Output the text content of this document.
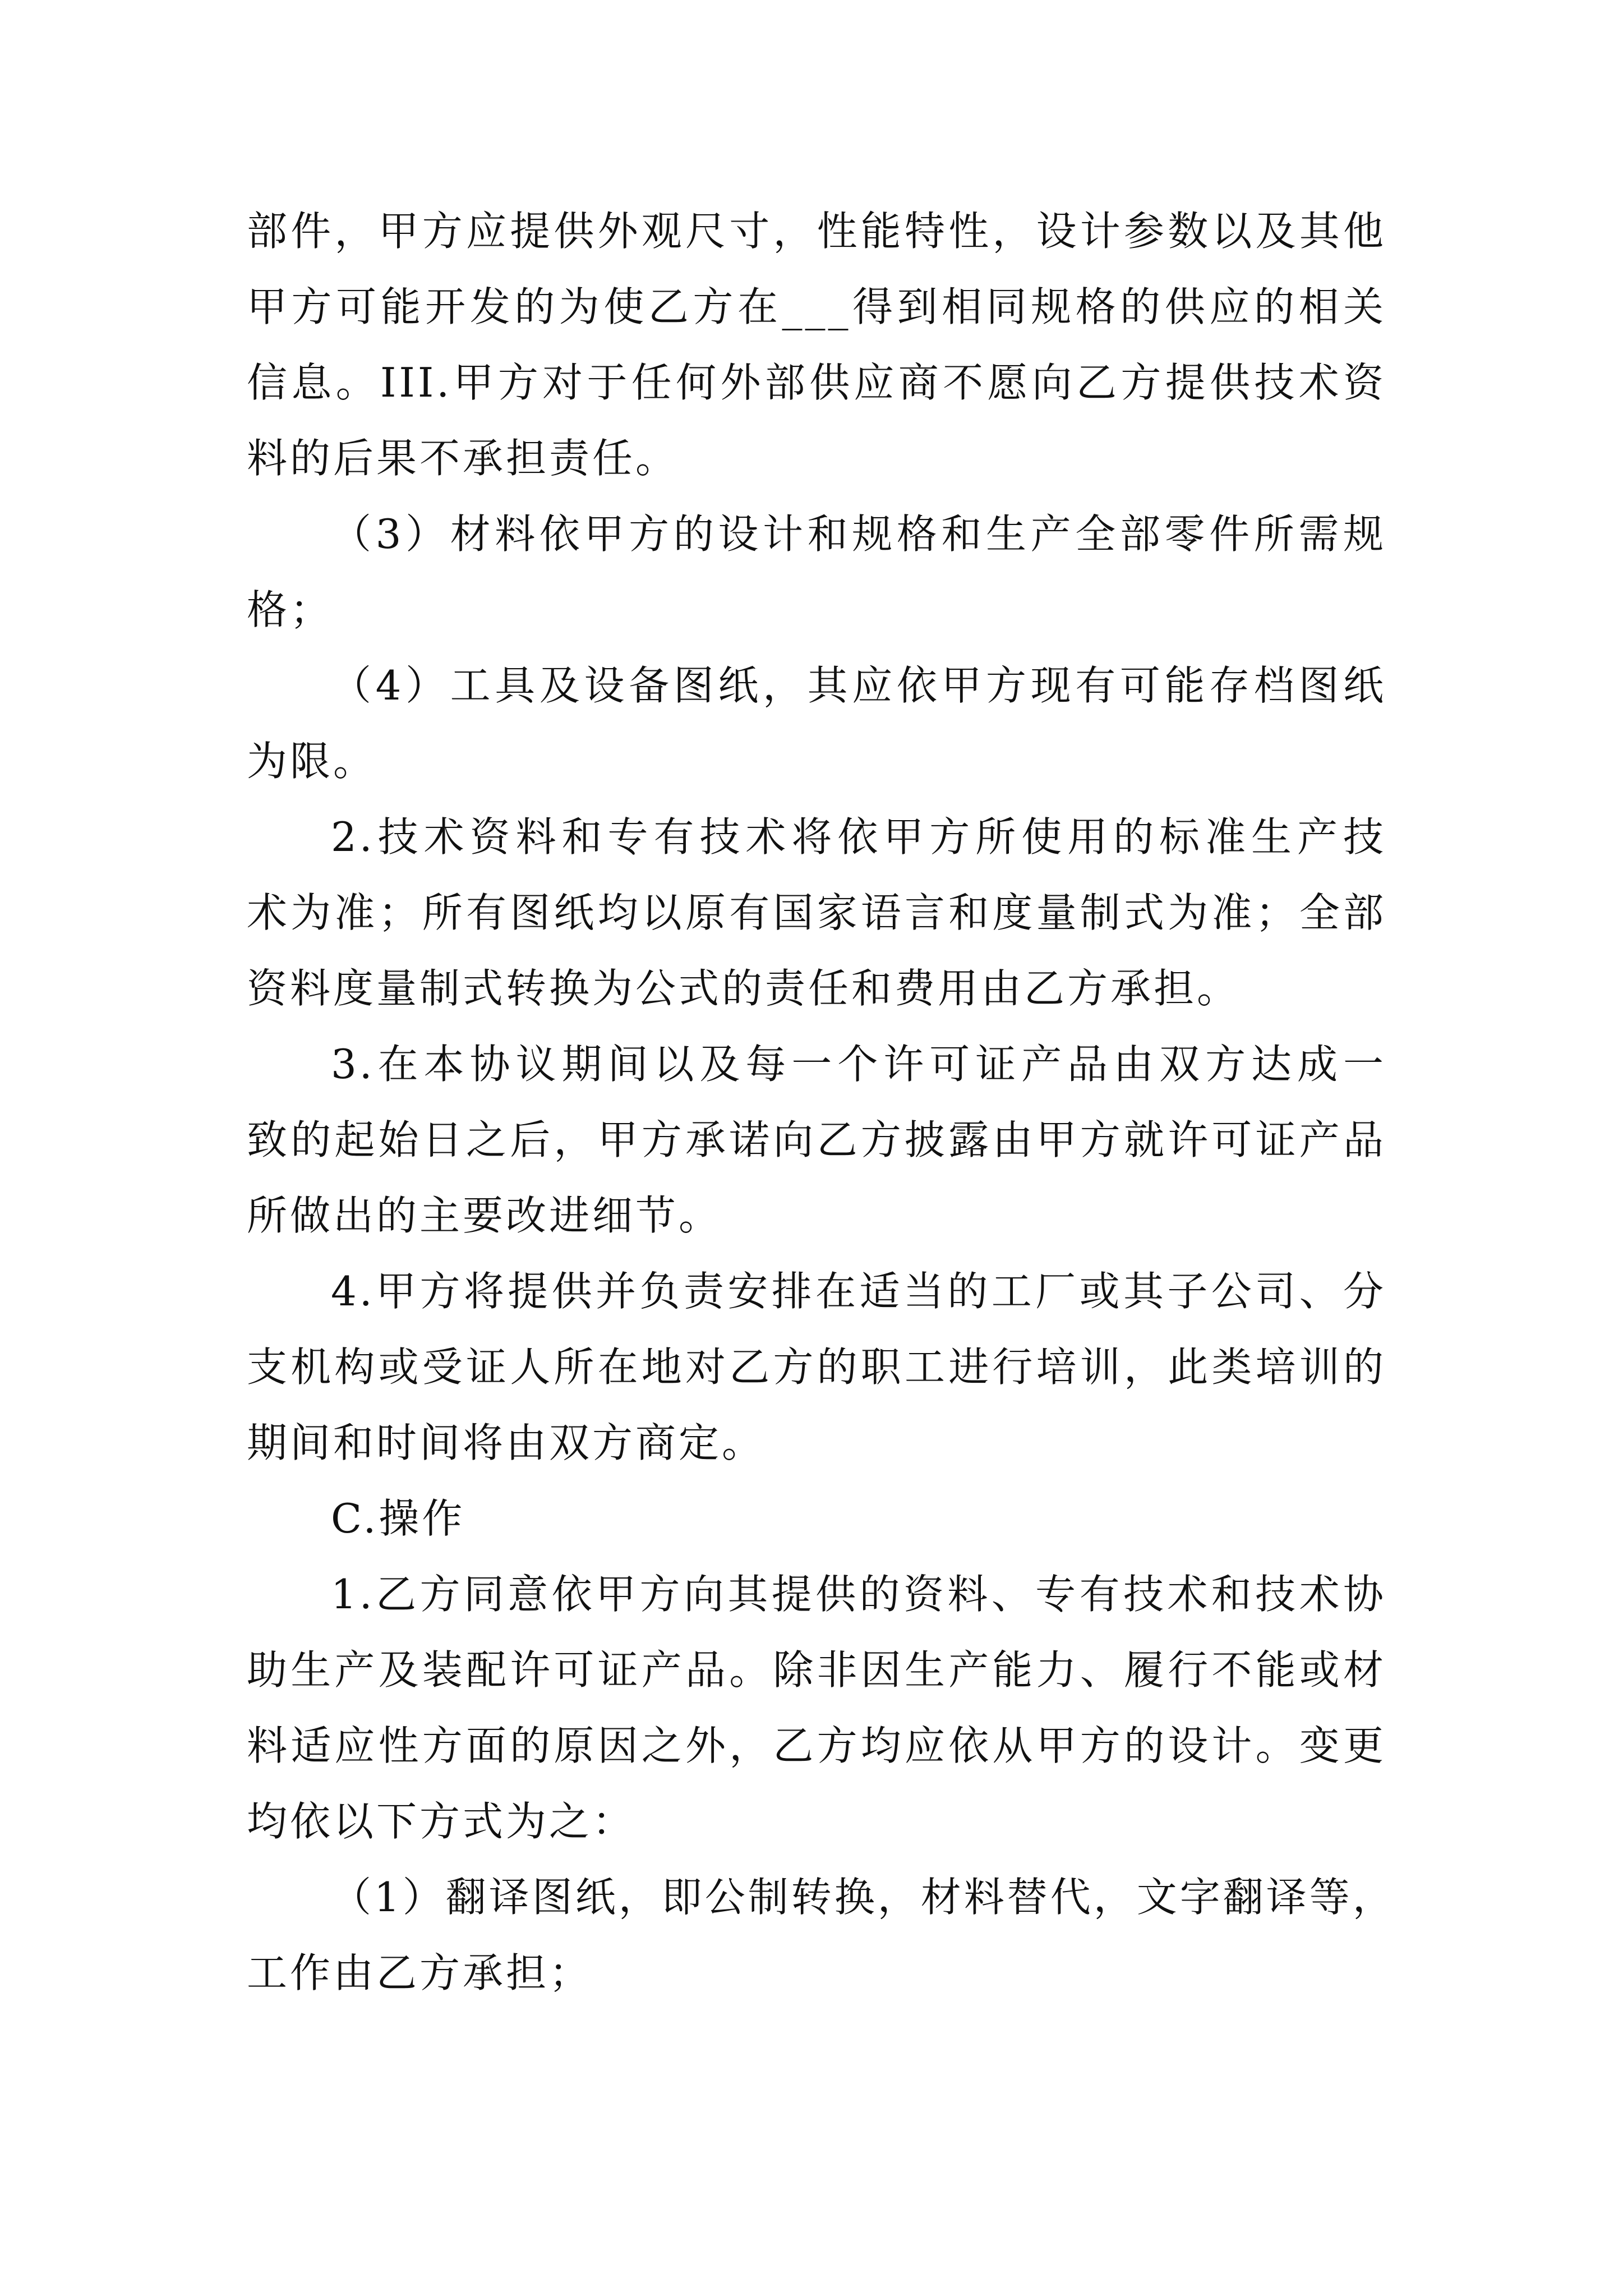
部件，甲方应提供外观尺寸，性能特性，设计参数以及其他

甲方可能开发的为使乙方在___得到相同规格的供应的相关

信息。III.甲方对于任何外部供应商不愿向乙方提供技术资

料的后果不承担责任。

（3）材料依甲方的设计和规格和生产全部零件所需规

格；

（4）工具及设备图纸，其应依甲方现有可能存档图纸

为限。

2.技术资料和专有技术将依甲方所使用的标准生产技

术为准；所有图纸均以原有国家语言和度量制式为准；全部

资料度量制式转换为公式的责任和费用由乙方承担。

3.在本协议期间以及每一个许可证产品由双方达成一

致的起始日之后，甲方承诺向乙方披露由甲方就许可证产品

所做出的主要改进细节。

4.甲方将提供并负责安排在适当的工厂或其子公司、分

支机构或受证人所在地对乙方的职工进行培训，此类培训的

期间和时间将由双方商定。

C.操作

1.乙方同意依甲方向其提供的资料、专有技术和技术协

助生产及装配许可证产品。除非因生产能力、履行不能或材

料适应性方面的原因之外，乙方均应依从甲方的设计。变更

均依以下方式为之：

（1）翻译图纸，即公制转换，材料替代，文字翻译等，

工作由乙方承担；
